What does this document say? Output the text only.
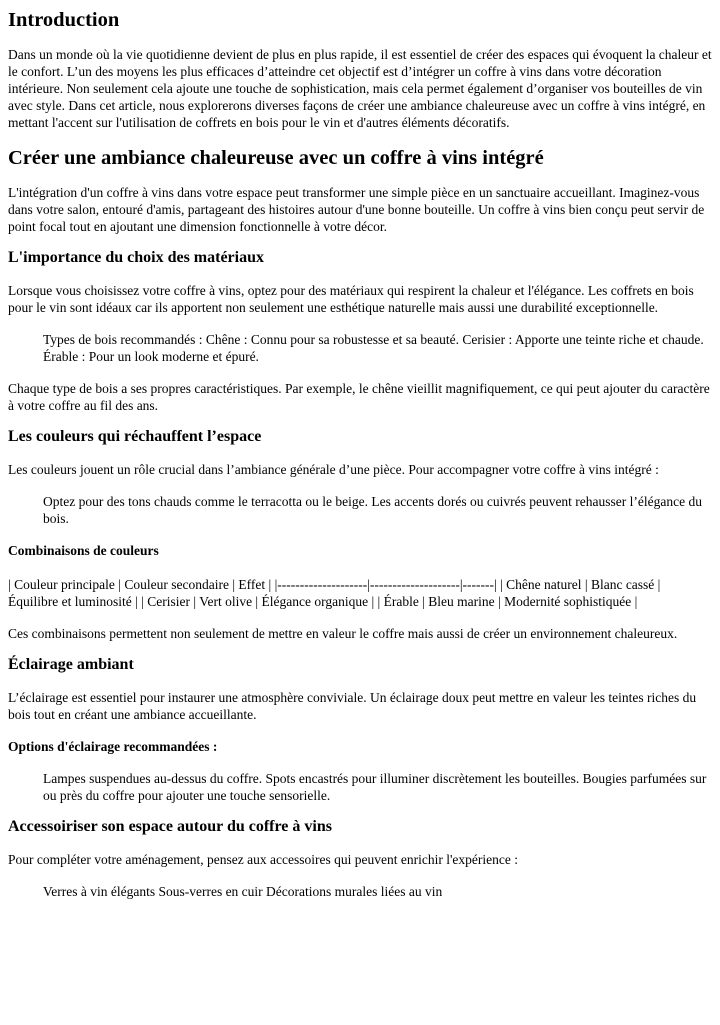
Introduction

Dans un monde où la vie quotidienne devient de plus en plus rapide, il est essentiel de créer des espaces qui évoquent la chaleur et le confort. L’un des moyens les plus efficaces d’atteindre cet objectif est d’intégrer un coffre à vins dans votre décoration intérieure. Non seulement cela ajoute une touche de sophistication, mais cela permet également d’organiser vos bouteilles de vin avec style. Dans cet article, nous explorerons diverses façons de créer une ambiance chaleureuse avec un coffre à vins intégré, en mettant l'accent sur l'utilisation de coffrets en bois pour le vin et d'autres éléments décoratifs.

Créer une ambiance chaleureuse avec un coffre à vins intégré

L'intégration d'un coffre à vins dans votre espace peut transformer une simple pièce en un sanctuaire accueillant. Imaginez-vous dans votre salon, entouré d'amis, partageant des histoires autour d'une bonne bouteille. Un coffre à vins bien conçu peut servir de point focal tout en ajoutant une dimension fonctionnelle à votre décor.

L'importance du choix des matériaux

Lorsque vous choisissez votre coffre à vins, optez pour des matériaux qui respirent la chaleur et l'élégance. Les coffrets en bois pour le vin sont idéaux car ils apportent non seulement une esthétique naturelle mais aussi une durabilité exceptionnelle.

Types de bois recommandés : Chêne : Connu pour sa robustesse et sa beauté. Cerisier : Apporte une teinte riche et chaude. Érable : Pour un look moderne et épuré.

Chaque type de bois a ses propres caractéristiques. Par exemple, le chêne vieillit magnifiquement, ce qui peut ajouter du caractère à votre coffre au fil des ans.

Les couleurs qui réchauffent l’espace

Les couleurs jouent un rôle crucial dans l’ambiance générale d’une pièce. Pour accompagner votre coffre à vins intégré :

Optez pour des tons chauds comme le terracotta ou le beige. Les accents dorés ou cuivrés peuvent rehausser l’élégance du bois.
Combinaisons de couleurs

| Couleur principale | Couleur secondaire | Effet | |--------------------|--------------------|-------| | Chêne naturel | Blanc cassé | Équilibre et luminosité | | Cerisier | Vert olive | Élégance organique | | Érable | Bleu marine | Modernité sophistiquée |

Ces combinaisons permettent non seulement de mettre en valeur le coffre mais aussi de créer un environnement chaleureux.

Éclairage ambiant

L’éclairage est essentiel pour instaurer une atmosphère conviviale. Un éclairage doux peut mettre en valeur les teintes riches du bois tout en créant une ambiance accueillante.

Options d'éclairage recommandées :
Lampes suspendues au-dessus du coffre. Spots encastrés pour illuminer discrètement les bouteilles. Bougies parfumées sur ou près du coffre pour ajouter une touche sensorielle.
Accessoiriser son espace autour du coffre à vins

Pour compléter votre aménagement, pensez aux accessoires qui peuvent enrichir l'expérience :

Verres à vin élégants Sous-verres en cuir Décorations murales liées au vin
